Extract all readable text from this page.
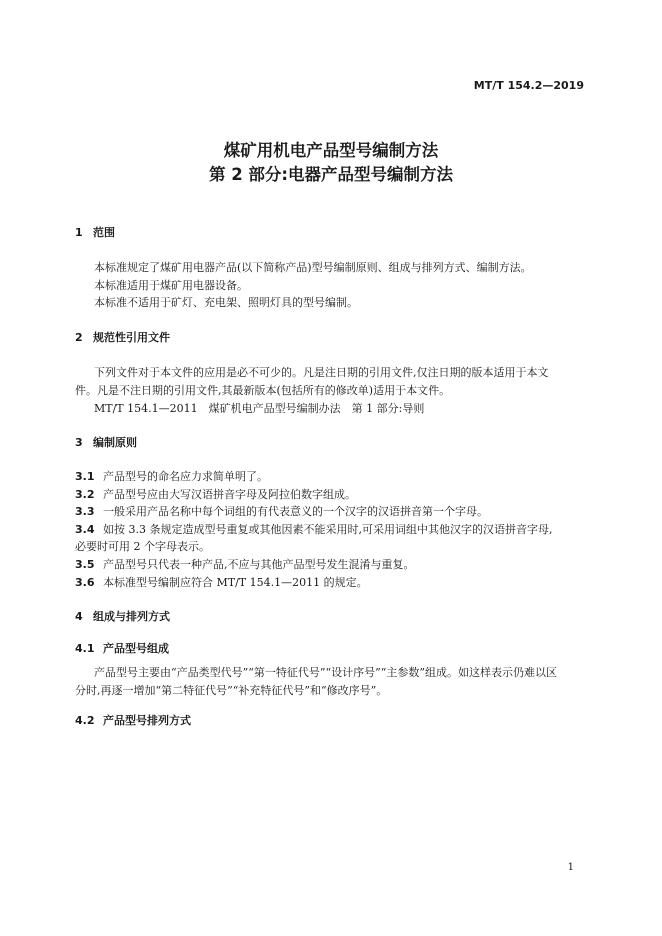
MT/T 154.2—2019
煤矿用机电产品型号编制方法
第 2 部分:电器产品型号编制方法
1 范围
本标准规定了煤矿用电器产品(以下简称产品)型号编制原则、组成与排列方式、编制方法。
本标准适用于煤矿用电器设备。
本标准不适用于矿灯、充电架、照明灯具的型号编制。
2 规范性引用文件
下列文件对于本文件的应用是必不可少的。凡是注日期的引用文件,仅注日期的版本适用于本文
件。凡是不注日期的引用文件,其最新版本(包括所有的修改单)适用于本文件。
MT/T 154.1—2011　煤矿机电产品型号编制办法　第 1 部分:导则
3 编制原则
3.1 产品型号的命名应力求简单明了。
3.2 产品型号应由大写汉语拼音字母及阿拉伯数字组成。
3.3 一般采用产品名称中每个词组的有代表意义的一个汉字的汉语拼音第一个字母。
3.4 如按 3.3 条规定造成型号重复或其他因素不能采用时,可采用词组中其他汉字的汉语拼音字母,
必要时可用 2 个字母表示。
3.5 产品型号只代表一种产品,不应与其他产品型号发生混淆与重复。
3.6 本标准型号编制应符合 MT/T 154.1—2011 的规定。
4 组成与排列方式
4.1 产品型号组成
产品型号主要由“产品类型代号”“第一特征代号”“设计序号”“主参数”组成。如这样表示仍难以区
分时,再逐一增加“第二特征代号”“补充特征代号”和“修改序号”。
4.2 产品型号排列方式
1
